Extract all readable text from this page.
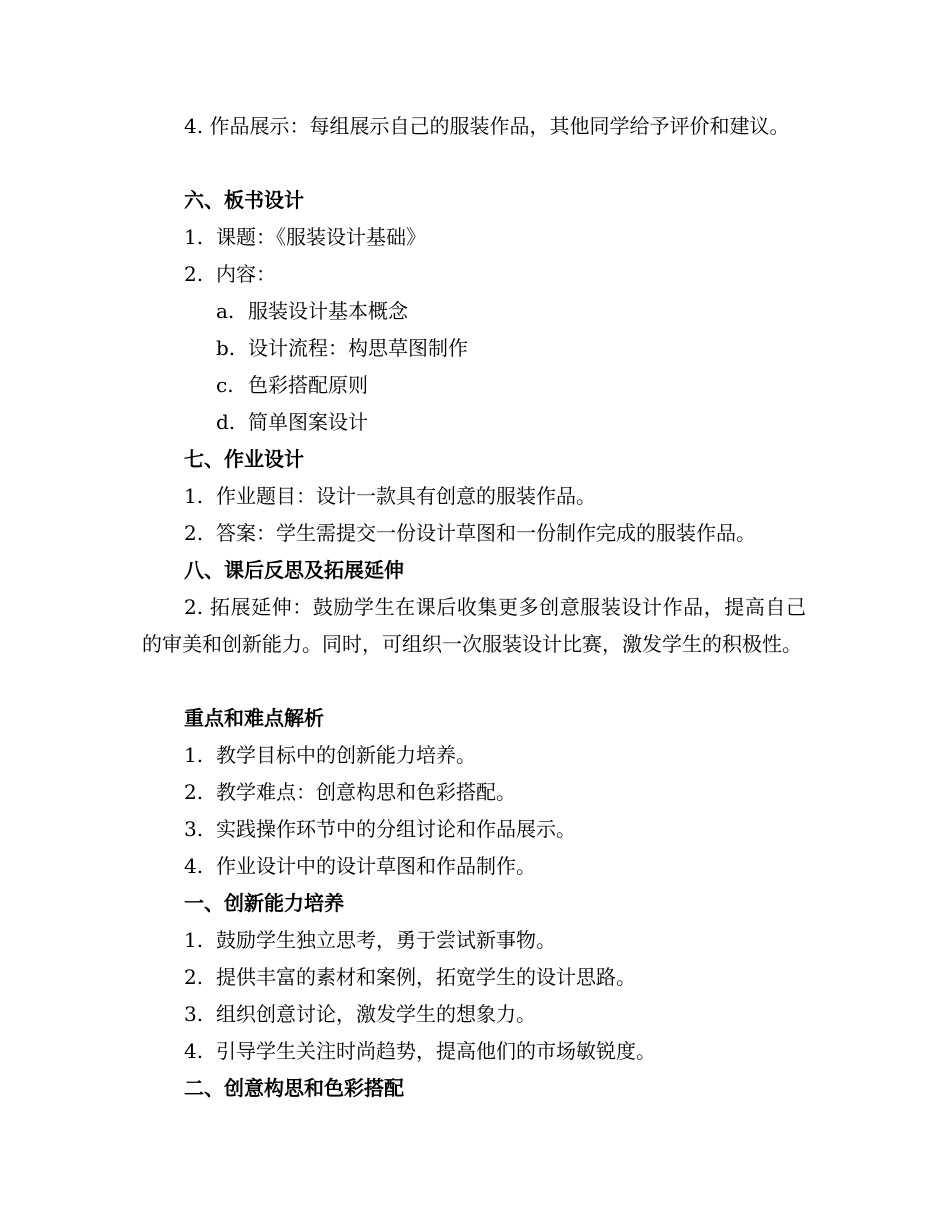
4. 作品展示：每组展示自己的服装作品，其他同学给予评价和建议。
六、板书设计
1. 课题：《服装设计基础》
2. 内容：
a. 服装设计基本概念
b. 设计流程：构思草图制作
c. 色彩搭配原则
d. 简单图案设计
七、作业设计
1. 作业题目：设计一款具有创意的服装作品。
2. 答案：学生需提交一份设计草图和一份制作完成的服装作品。
八、课后反思及拓展延伸
2. 拓展延伸：鼓励学生在课后收集更多创意服装设计作品，提高自己的审美和创新能力。同时，可组织一次服装设计比赛，激发学生的积极性。
重点和难点解析
1. 教学目标中的创新能力培养。
2. 教学难点：创意构思和色彩搭配。
3. 实践操作环节中的分组讨论和作品展示。
4. 作业设计中的设计草图和作品制作。
一、创新能力培养
1. 鼓励学生独立思考，勇于尝试新事物。
2. 提供丰富的素材和案例，拓宽学生的设计思路。
3. 组织创意讨论，激发学生的想象力。
4. 引导学生关注时尚趋势，提高他们的市场敏锐度。
二、创意构思和色彩搭配
